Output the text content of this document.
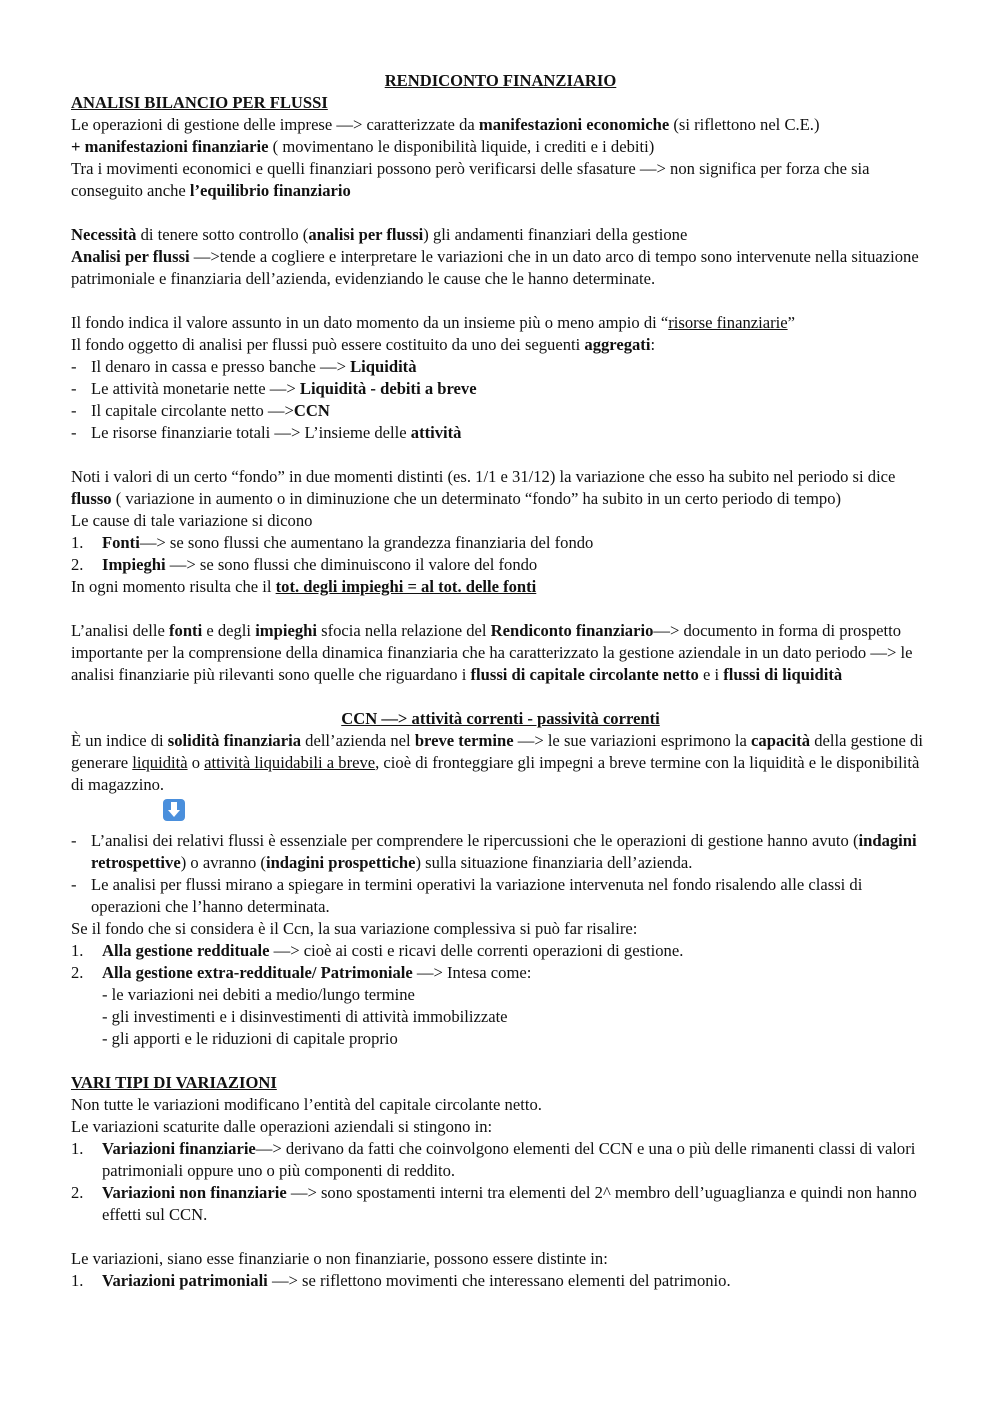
RENDICONTO FINANZIARIO

ANALISI BILANCIO PER FLUSSI

Le operazioni di gestione delle imprese —> caratterizzate da manifestazioni economiche (si riflettono nel C.E.)
+ manifestazioni finanziarie ( movimentano le disponibilità liquide, i crediti e i debiti)

Tra i movimenti economici e quelli finanziari possono però verificarsi delle sfasature —> non significa per forza che sia conseguito anche l’equilibrio finanziario

Necessità di tenere sotto controllo (analisi per flussi) gli andamenti finanziari della gestione

Analisi per flussi —>tende a cogliere e interpretare le variazioni che in un dato arco di tempo sono intervenute nella situazione patrimoniale e finanziaria dell’azienda, evidenziando le cause che le hanno determinate.

Il fondo indica il valore assunto in un dato momento da un insieme più o meno ampio di “risorse finanziarie”

Il fondo oggetto di analisi per flussi può essere costituito da uno dei seguenti aggregati:

- Il denaro in cassa e presso banche —> Liquidità
- Le attività monetarie nette —> Liquidità - debiti a breve
- Il capitale circolante netto —>CCN
- Le risorse finanziarie totali —> L’insieme delle attività

Noti i valori di un certo “fondo” in due momenti distinti (es. 1/1 e 31/12) la variazione che esso ha subito nel periodo si dice flusso ( variazione in aumento o in diminuzione che un determinato “fondo” ha subito in un certo periodo di tempo)

Le cause di tale variazione si dicono

1. Fonti—> se sono flussi che aumentano la grandezza finanziaria del fondo
2. Impieghi —> se sono flussi che diminuiscono il valore del fondo

In ogni momento risulta che il tot. degli impieghi = al tot. delle fonti

L’analisi delle fonti e degli impieghi sfocia nella relazione del Rendiconto finanziario—> documento in forma di prospetto importante per la comprensione della dinamica finanziaria che ha caratterizzato la gestione aziendale in un dato periodo —> le analisi finanziarie più rilevanti sono quelle che riguardano i flussi di capitale circolante netto e i flussi di liquidità

CCN —> attività correnti - passività correnti

È un indice di solidità finanziaria dell’azienda nel breve termine —> le sue variazioni esprimono la capacità della gestione di generare liquidità o attività liquidabili a breve, cioè di fronteggiare gli impegni a breve termine con la liquidità e le disponibilità di magazzino.

- L’analisi dei relativi flussi è essenziale per comprendere le ripercussioni che le operazioni di gestione hanno avuto (indagini retrospettive) o avranno (indagini prospettiche) sulla situazione finanziaria dell’azienda.
- Le analisi per flussi mirano a spiegare in termini operativi la variazione intervenuta nel fondo risalendo alle classi di operazioni che l’hanno determinata.

Se il fondo che si considera è il Ccn, la sua variazione complessiva si può far risalire:

1. Alla gestione reddituale —> cioè ai costi e ricavi delle correnti operazioni di gestione.
2. Alla gestione extra-reddituale/ Patrimoniale —> Intesa come:

- le variazioni nei debiti a medio/lungo termine

- gli investimenti e i disinvestimenti di attività immobilizzate

- gli apporti e le riduzioni di capitale proprio

VARI TIPI DI VARIAZIONI

Non tutte le variazioni modificano l’entità del capitale circolante netto.

Le variazioni scaturite dalle operazioni aziendali si stingono in:

1. Variazioni finanziarie—> derivano da fatti che coinvolgono elementi del CCN e una o più delle rimanenti classi di valori patrimoniali oppure uno o più componenti di reddito.
2. Variazioni non finanziarie —> sono spostamenti interni tra elementi del 2^ membro dell’uguaglianza e quindi non hanno effetti sul CCN.

Le variazioni, siano esse finanziarie o non finanziarie, possono essere distinte in:

1. Variazioni patrimoniali —> se riflettono movimenti che interessano elementi del patrimonio.
